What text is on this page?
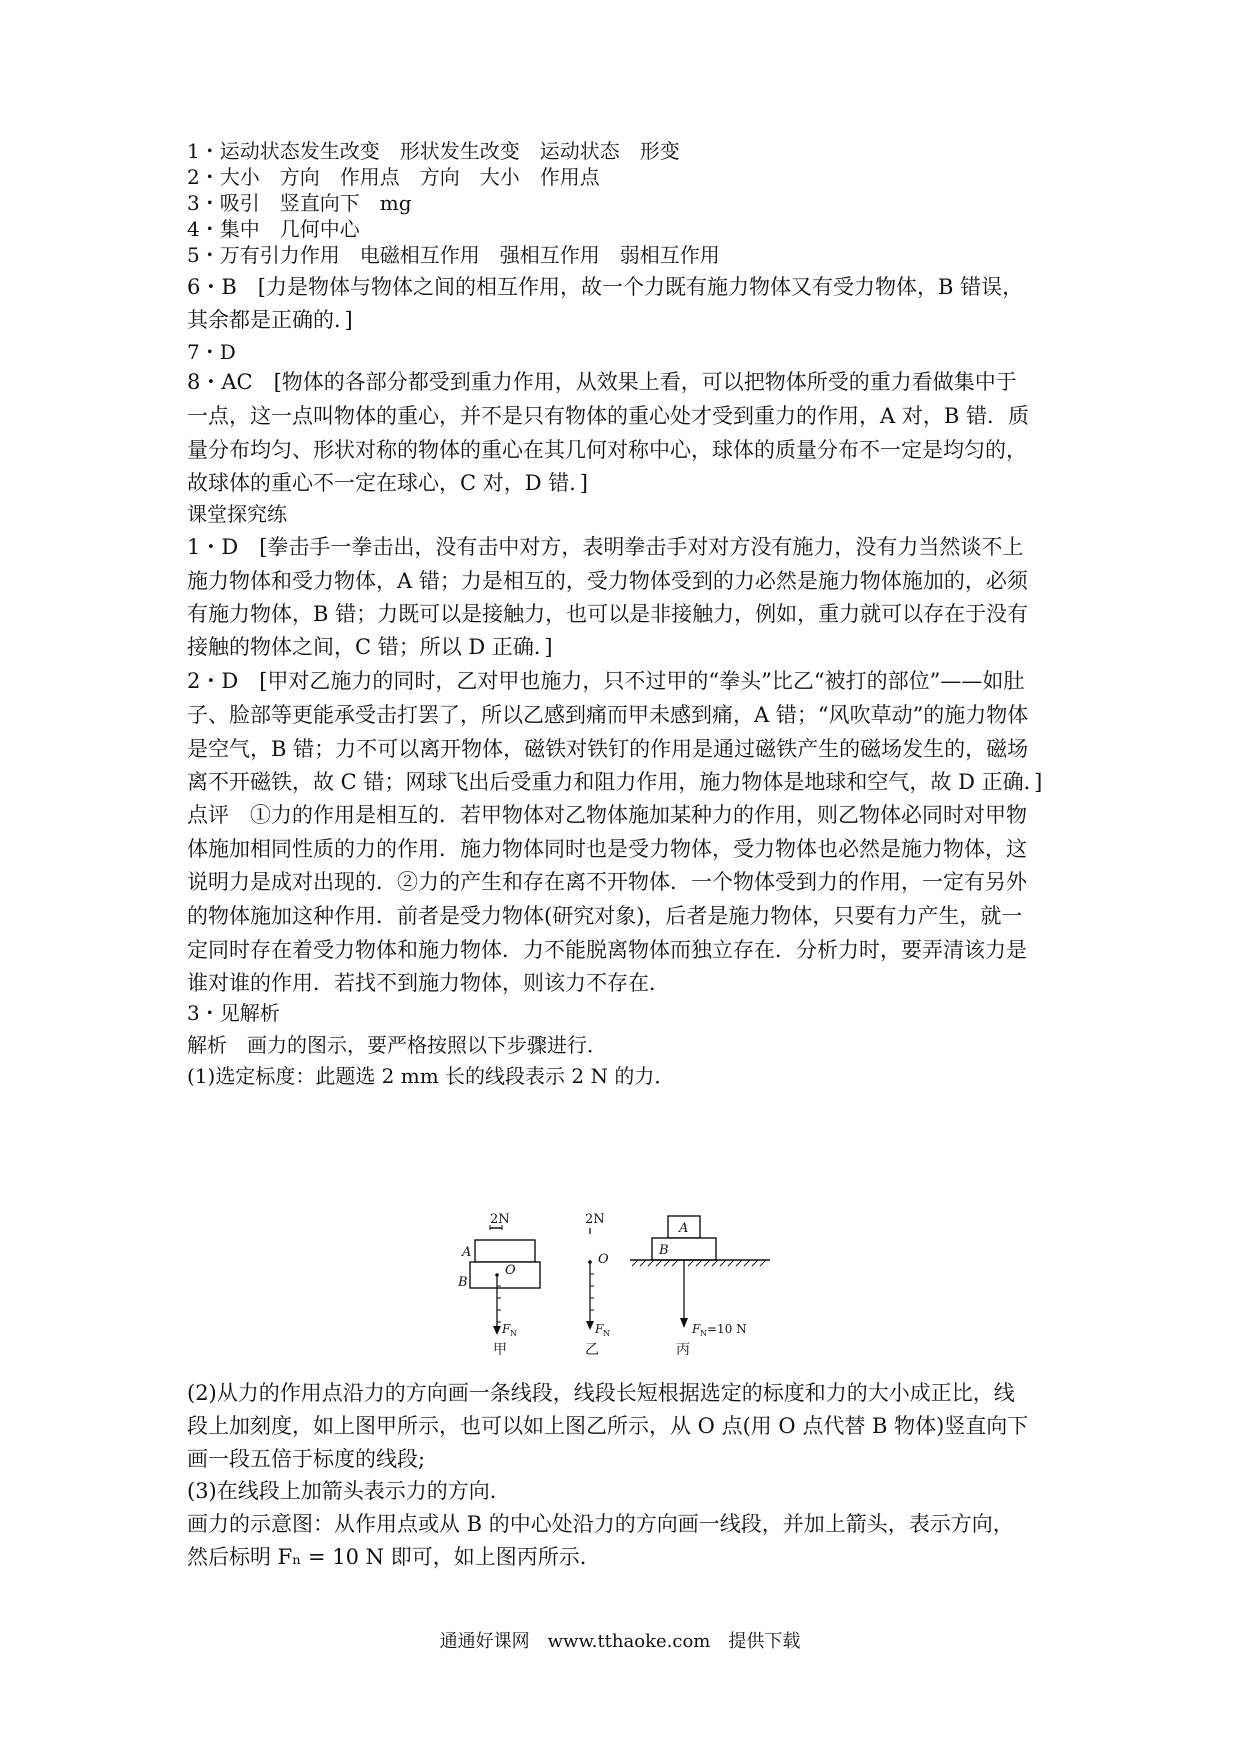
1・运动状态发生改变　形状发生改变　运动状态　形变
2・大小　方向　作用点　方向　大小　作用点
3・吸引　竖直向下　mg
4・集中　几何中心
5・万有引力作用　电磁相互作用　强相互作用　弱相互作用
6・B　[力是物体与物体之间的相互作用，故一个力既有施力物体又有受力物体，B 错误，
其余都是正确的．]
7・D
8・AC　[物体的各部分都受到重力作用，从效果上看，可以把物体所受的重力看做集中于
一点，这一点叫物体的重心，并不是只有物体的重心处才受到重力的作用，A 对，B 错．质
量分布均匀、形状对称的物体的重心在其几何对称中心，球体的质量分布不一定是均匀的，
故球体的重心不一定在球心，C 对，D 错．]
课堂探究练
1・D　[拳击手一拳击出，没有击中对方，表明拳击手对对方没有施力，没有力当然谈不上
施力物体和受力物体，A 错；力是相互的，受力物体受到的力必然是施力物体施加的，必须
有施力物体，B 错；力既可以是接触力，也可以是非接触力，例如，重力就可以存在于没有
接触的物体之间，C 错；所以 D 正确．]
2・D　[甲对乙施力的同时，乙对甲也施力，只不过甲的“拳头”比乙“被打的部位”——如肚
子、脸部等更能承受击打罢了，所以乙感到痛而甲未感到痛，A 错；“风吹草动”的施力物体
是空气，B 错；力不可以离开物体，磁铁对铁钉的作用是通过磁铁产生的磁场发生的，磁场
离不开磁铁，故 C 错；网球飞出后受重力和阻力作用，施力物体是地球和空气，故 D 正确．]
点评　①力的作用是相互的．若甲物体对乙物体施加某种力的作用，则乙物体必同时对甲物
体施加相同性质的力的作用．施力物体同时也是受力物体，受力物体也必然是施力物体，这
说明力是成对出现的．②力的产生和存在离不开物体．一个物体受到力的作用，一定有另外
的物体施加这种作用．前者是受力物体(研究对象)，后者是施力物体，只要有力产生，就一
定同时存在着受力物体和施力物体．力不能脱离物体而独立存在．分析力时，要弄清该力是
谁对谁的作用．若找不到施力物体，则该力不存在．
3・见解析
解析　画力的图示，要严格按照以下步骤进行．
(1)选定标度：此题选 2 mm 长的线段表示 2 N 的力．
2N
A
B
O
F N
甲
2N
O
F N
乙
A
B
F N =10 N
丙
(2)从力的作用点沿力的方向画一条线段，线段长短根据选定的标度和力的大小成正比，线
段上加刻度，如上图甲所示，也可以如上图乙所示，从 O 点(用 O 点代替 B 物体)竖直向下
画一段五倍于标度的线段;
(3)在线段上加箭头表示力的方向．
画力的示意图：从作用点或从 B 的中心处沿力的方向画一线段，并加上箭头，表示方向，
然后标明 Fₙ = 10 N 即可，如上图丙所示．
通通好课网　www.tthaoke.com　提供下载
